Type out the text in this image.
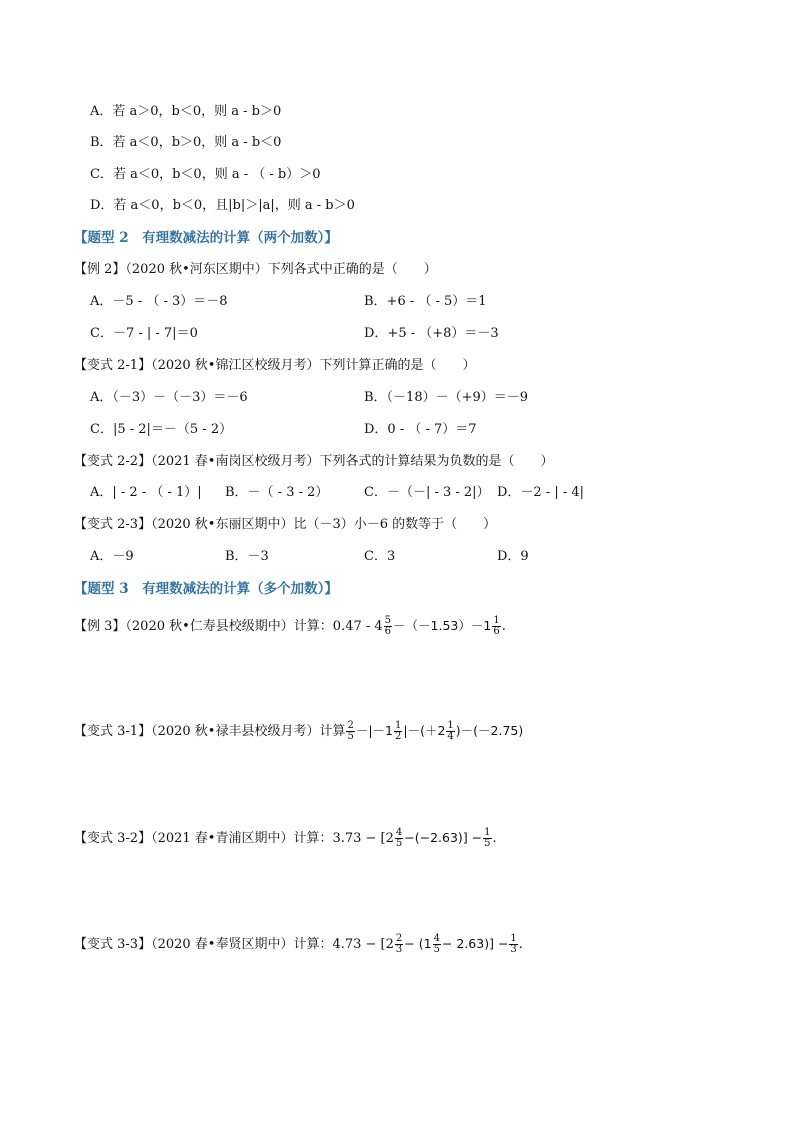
A．若 a＞0，b＜0，则 a - b＞0
B．若 a＜0，b＞0，则 a - b＜0
C．若 a＜0，b＜0，则 a - （ - b）＞0
D．若 a＜0，b＜0，且|b|＞|a|，则 a - b＞0
【题型 2　有理数减法的计算（两个加数）】
【例 2】（2020 秋•河东区期中）下列各式中正确的是（　　）
A．－5 - （ - 3）＝－8	B．+6 - （ - 5）＝1
C．－7 - | - 7|＝0	D．+5 - （+8）＝－3
【变式 2-1】（2020 秋•锦江区校级月考）下列计算正确的是（　　）
A．（－3）－（－3）＝－6	B．（－18）－（+9）＝－9
C．|5 - 2|＝－（5 - 2）	D．0 - （ - 7）＝7
【变式 2-2】（2021 春•南岗区校级月考）下列各式的计算结果为负数的是（　　）
A．| - 2 - （ - 1）| B．－（ - 3 - 2）	C．－（－| - 3 - 2|） D．－2 - | - 4|
【变式 2-3】（2020 秋•东丽区期中）比（－3）小－6 的数等于（　　）
A．－9	B．－3	C．3	D．9
【题型 3　有理数减法的计算（多个加数）】
【例 3】（2020 秋•仁寿县校级期中）计算：$0.47 - 4 \frac{5}{6} -(-1.53)-1 \frac{1}{6}$ .
【变式 3-1】（2020 秋•禄丰县校级月考）计算 $\frac{2}{5} -|-1 \frac{1}{2} |-(+2 \frac{1}{4} )-(-2.75)$
【变式 3-2】（2021 春•青浦区期中）计算：$3.73 - [2 \frac{4}{5} -(-2.63)] - \frac{1}{5}$ .
【变式 3-3】（2020 春•奉贤区期中）计算：$4.73 - [2 \frac{2}{3} - (1 \frac{4}{5} - 2.63)] - \frac{1}{3}$ .
